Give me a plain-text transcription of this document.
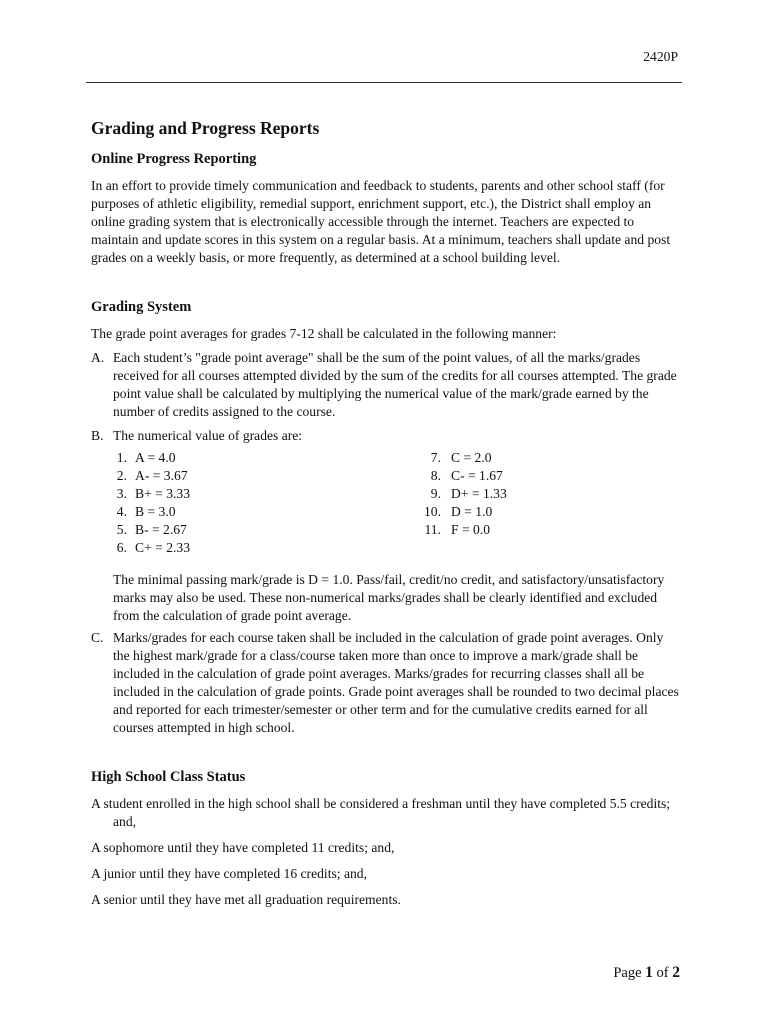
2420P
Grading and Progress Reports
Online Progress Reporting

In an effort to provide timely communication and feedback to students, parents and other school staff (for purposes of athletic eligibility, remedial support, enrichment support, etc.), the District shall employ an online grading system that is electronically accessible through the internet. Teachers are expected to maintain and update scores in this system on a regular basis. At a minimum, teachers shall update and post grades on a weekly basis, or more frequently, as determined at a school building level.

Grading System

The grade point averages for grades 7-12 shall be calculated in the following manner:

A. Each student’s "grade point average" shall be the sum of the point values, of all the marks/grades received for all courses attempted divided by the sum of the credits for all courses attempted. The grade point value shall be calculated by multiplying the numerical value of the mark/grade earned by the number of credits assigned to the course.
B. The numerical value of grades are:
1. A = 4.0
2. A- = 3.67
3. B+ = 3.33
4. B = 3.0
5. B- = 2.67
6. C+ = 2.33
7. C = 2.0
8. C- = 1.67
9. D+ = 1.33
10. D = 1.0
11. F = 0.0

The minimal passing mark/grade is D = 1.0. Pass/fail, credit/no credit, and satisfactory/unsatisfactory marks may also be used. These non-numerical marks/grades shall be clearly identified and excluded from the calculation of grade point average.

C. Marks/grades for each course taken shall be included in the calculation of grade point averages. Only the highest mark/grade for a class/course taken more than once to improve a mark/grade shall be included in the calculation of grade point averages. Marks/grades for recurring classes shall all be included in the calculation of grade points. Grade point averages shall be rounded to two decimal places and reported for each trimester/semester or other term and for the cumulative credits earned for all courses attempted in high school.
High School Class Status

A student enrolled in the high school shall be considered a freshman until they have completed 5.5 credits; and,

A sophomore until they have completed 11 credits; and,

A junior until they have completed 16 credits; and,

A senior until they have met all graduation requirements.

Page 1 of 2
